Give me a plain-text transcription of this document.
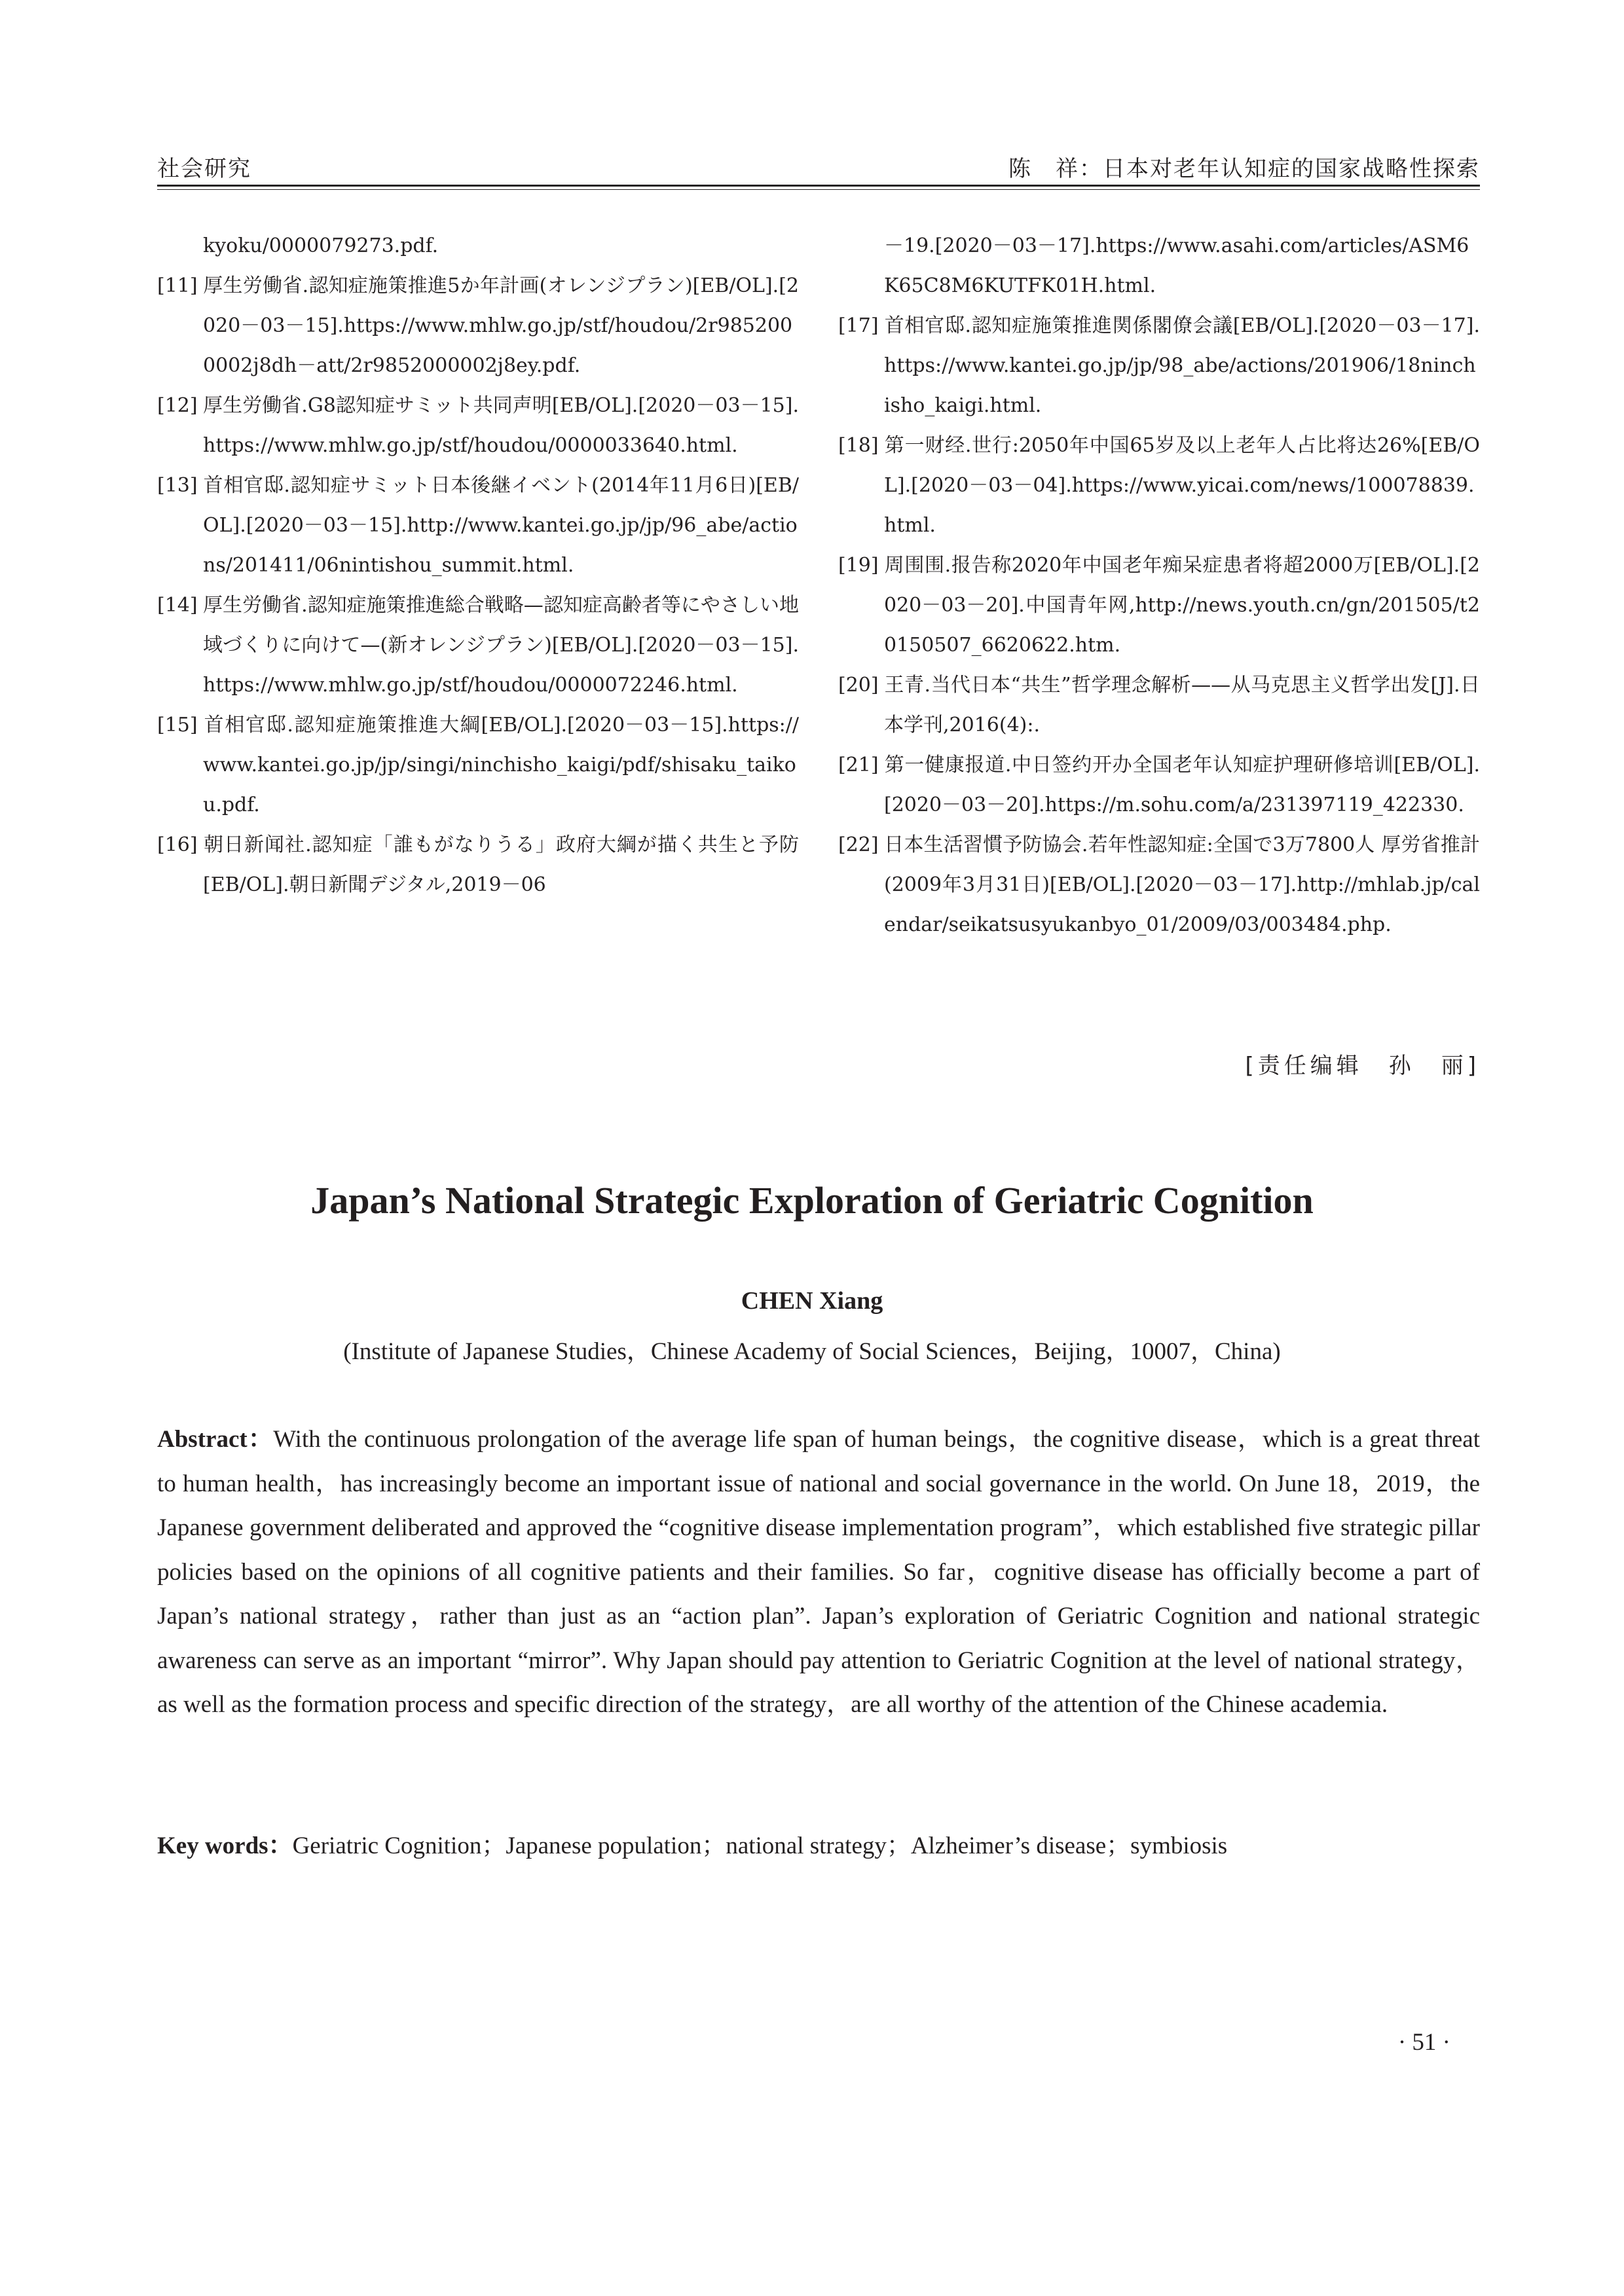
社会研究	陈　祥：日本对老年认知症的国家战略性探索

kyoku/0000079273.pdf.

[11] 厚生労働省.認知症施策推進5か年計画(オレンジプラン)[EB/OL].[2020－03－15].https://www.mhlw.go.jp/stf/houdou/2r9852000002j8dh－att/2r9852000002j8ey.pdf.

[12] 厚生労働省.G8認知症サミット共同声明[EB/OL].[2020－03－15].https://www.mhlw.go.jp/stf/houdou/0000033640.html.

[13] 首相官邸.認知症サミット日本後継イベント(2014年11月6日)[EB/OL].[2020－03－15].http://www.kantei.go.jp/jp/96_abe/actions/201411/06nintishou_summit.html.

[14] 厚生労働省.認知症施策推進総合戦略—認知症高齢者等にやさしい地域づくりに向けて—(新オレンジプラン)[EB/OL].[2020－03－15].https://www.mhlw.go.jp/stf/houdou/0000072246.html.

[15] 首相官邸.認知症施策推進大綱[EB/OL].[2020－03－15].https://www.kantei.go.jp/jp/singi/ninchisho_kaigi/pdf/shisaku_taikou.pdf.

[16] 朝日新闻社.認知症「誰もがなりうる」政府大綱が描く共生と予防[EB/OL].朝日新聞デジタル,2019－06

－19.[2020－03－17].https://www.asahi.com/articles/ASM6K65C8M6KUTFK01H.html.

[17] 首相官邸.認知症施策推進関係閣僚会議[EB/OL].[2020－03－17].https://www.kantei.go.jp/jp/98_abe/actions/201906/18ninchisho_kaigi.html.

[18] 第一财经.世行:2050年中国65岁及以上老年人占比将达26%[EB/OL].[2020－03－04].https://www.yicai.com/news/100078839.html.

[19] 周围围.报告称2020年中国老年痴呆症患者将超2000万[EB/OL].[2020－03－20].中国青年网,http://news.youth.cn/gn/201505/t20150507_6620622.htm.

[20] 王青.当代日本“共生”哲学理念解析——从马克思主义哲学出发[J].日本学刊,2016(4):.

[21] 第一健康报道.中日签约开办全国老年认知症护理研修培训[EB/OL].[2020－03－20].https://m.sohu.com/a/231397119_422330.

[22] 日本生活習慣予防協会.若年性認知症:全国で3万7800人 厚労省推計(2009年3月31日)[EB/OL].[2020－03－17].http://mhlab.jp/calendar/seikatsusyukanbyo_01/2009/03/003484.php.

[责任编辑　孙　丽]
Japan’s National Strategic Exploration of Geriatric Cognition
CHEN Xiang
(Institute of Japanese Studies，Chinese Academy of Social Sciences，Beijing，10007，China)

Abstract：With the continuous prolongation of the average life span of human beings，the cognitive disease，which is a great threat to human health，has increasingly become an important issue of national and social governance in the world. On June 18，2019，the Japanese government deliberated and approved the “cognitive disease implementation program”，which established five strategic pillar policies based on the opinions of all cognitive patients and their families. So far，cognitive disease has officially become a part of Japan’s national strategy，rather than just as an “action plan”. Japan’s exploration of Geriatric Cognition and national strategic awareness can serve as an important “mirror”. Why Japan should pay attention to Geriatric Cognition at the level of national strategy，as well as the formation process and specific direction of the strategy，are all worthy of the attention of the Chinese academia.

Key words：Geriatric Cognition；Japanese population；national strategy；Alzheimer’s disease；symbiosis

· 51 ·
